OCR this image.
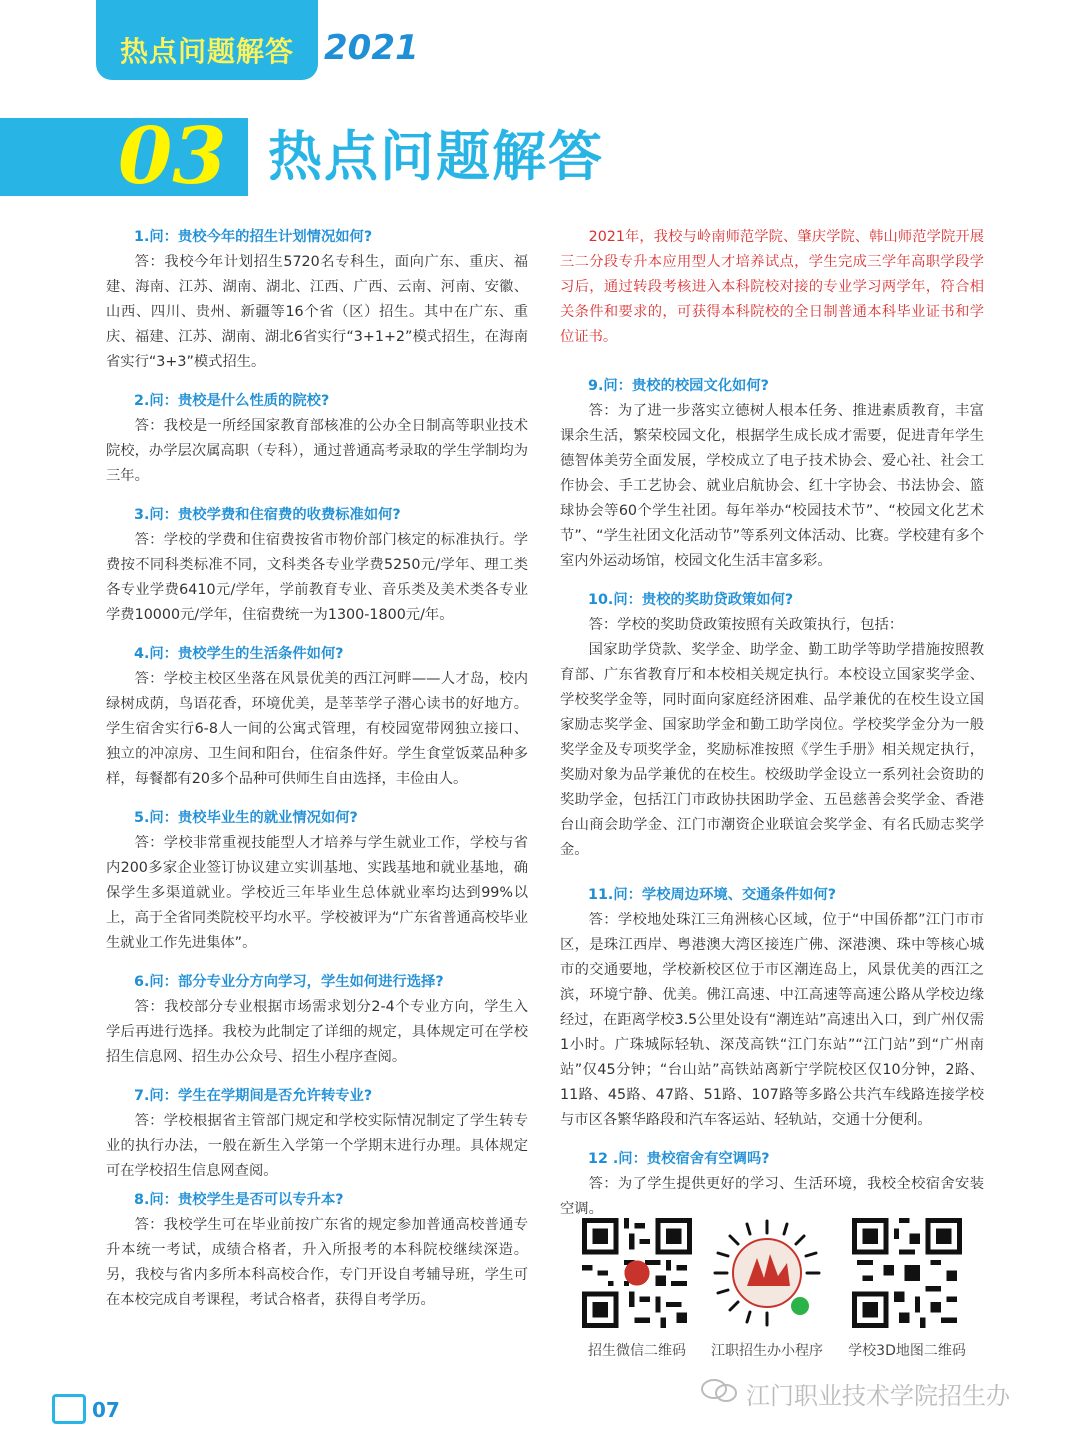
热点问题解答 2021
03 热点问题解答
1.问：贵校今年的招生计划情况如何?
答：我校今年计划招生5720名专科生，面向广东、重庆、福建、海南、江苏、湖南、湖北、江西、广西、云南、河南、安徽、山西、四川、贵州、新疆等16个省（区）招生。其中在广东、重庆、福建、江苏、湖南、湖北6省实行“3+1+2”模式招生，在海南省实行“3+3”模式招生。
2.问：贵校是什么性质的院校?
答：我校是一所经国家教育部核准的公办全日制高等职业技术院校，办学层次属高职（专科），通过普通高考录取的学生学制均为三年。
3.问：贵校学费和住宿费的收费标准如何?
答：学校的学费和住宿费按省市物价部门核定的标准执行。学费按不同科类标准不同，文科类各专业学费5250元/学年、理工类各专业学费6410元/学年，学前教育专业、音乐类及美术类各专业学费10000元/学年，住宿费统一为1300-1800元/年。
4.问：贵校学生的生活条件如何?
答：学校主校区坐落在风景优美的西江河畔——人才岛，校内绿树成荫，鸟语花香，环境优美，是莘莘学子潜心读书的好地方。学生宿舍实行6-8人一间的公寓式管理，有校园宽带网独立接口、独立的冲凉房、卫生间和阳台，住宿条件好。学生食堂饭菜品种多样，每餐都有20多个品种可供师生自由选择，丰俭由人。
5.问：贵校毕业生的就业情况如何?
答：学校非常重视技能型人才培养与学生就业工作，学校与省内200多家企业签订协议建立实训基地、实践基地和就业基地，确保学生多渠道就业。学校近三年毕业生总体就业率均达到99%以上，高于全省同类院校平均水平。学校被评为“广东省普通高校毕业生就业工作先进集体”。
6.问：部分专业分方向学习，学生如何进行选择?
答：我校部分专业根据市场需求划分2-4个专业方向，学生入学后再进行选择。我校为此制定了详细的规定，具体规定可在学校招生信息网、招生办公众号、招生小程序查阅。
7.问：学生在学期间是否允许转专业?
答：学校根据省主管部门规定和学校实际情况制定了学生转专业的执行办法，一般在新生入学第一个学期末进行办理。具体规定可在学校招生信息网查阅。
8.问：贵校学生是否可以专升本?
答：我校学生可在毕业前按广东省的规定参加普通高校普通专升本统一考试，成绩合格者，升入所报考的本科院校继续深造。另，我校与省内多所本科高校合作，专门开设自考辅导班，学生可在本校完成自考课程，考试合格者，获得自考学历。
2021年，我校与岭南师范学院、肇庆学院、韩山师范学院开展三二分段专升本应用型人才培养试点，学生完成三学年高职学段学习后，通过转段考核进入本科院校对接的专业学习两学年，符合相关条件和要求的，可获得本科院校的全日制普通本科毕业证书和学位证书。
9.问：贵校的校园文化如何?
答：为了进一步落实立德树人根本任务、推进素质教育，丰富课余生活，繁荣校园文化，根据学生成长成才需要，促进青年学生德智体美劳全面发展，学校成立了电子技术协会、爱心社、社会工作协会、手工艺协会、就业启航协会、红十字协会、书法协会、篮球协会等60个学生社团。每年举办“校园技术节”、“校园文化艺术节”、“学生社团文化活动节”等系列文体活动、比赛。学校建有多个室内外运动场馆，校园文化生活丰富多彩。
10.问：贵校的奖助贷政策如何?
答：学校的奖助贷政策按照有关政策执行，包括：
国家助学贷款、奖学金、助学金、勤工助学等助学措施按照教育部、广东省教育厅和本校相关规定执行。本校设立国家奖学金、学校奖学金等，同时面向家庭经济困难、品学兼优的在校生设立国家励志奖学金、国家助学金和勤工助学岗位。学校奖学金分为一般奖学金及专项奖学金，奖励标准按照《学生手册》相关规定执行，奖励对象为品学兼优的在校生。校级助学金设立一系列社会资助的奖助学金，包括江门市政协扶困助学金、五邑慈善会奖学金、香港台山商会助学金、江门市潮资企业联谊会奖学金、有名氏励志奖学金。
11.问：学校周边环境、交通条件如何?
答：学校地处珠江三角洲核心区域，位于“中国侨都”江门市市区，是珠江西岸、粤港澳大湾区接连广佛、深港澳、珠中等核心城市的交通要地，学校新校区位于市区潮连岛上，风景优美的西江之滨，环境宁静、优美。佛江高速、中江高速等高速公路从学校边缘经过，在距离学校3.5公里处设有“潮连站”高速出入口，到广州仅需1小时。广珠城际轻轨、深茂高铁“江门东站”“江门站”到“广州南站”仅45分钟；“台山站”高铁站离新宁学院校区仅10分钟，2路、11路、45路、47路、51路、107路等多路公共汽车线路连接学校与市区各繁华路段和汽车客运站、轻轨站，交通十分便利。
12 .问：贵校宿舍有空调吗?
答：为了学生提供更好的学习、生活环境，我校全校宿舍安装空调。
招生微信二维码	江职招生办小程序	学校3D地图二维码
07	江门职业技术学院招生办
